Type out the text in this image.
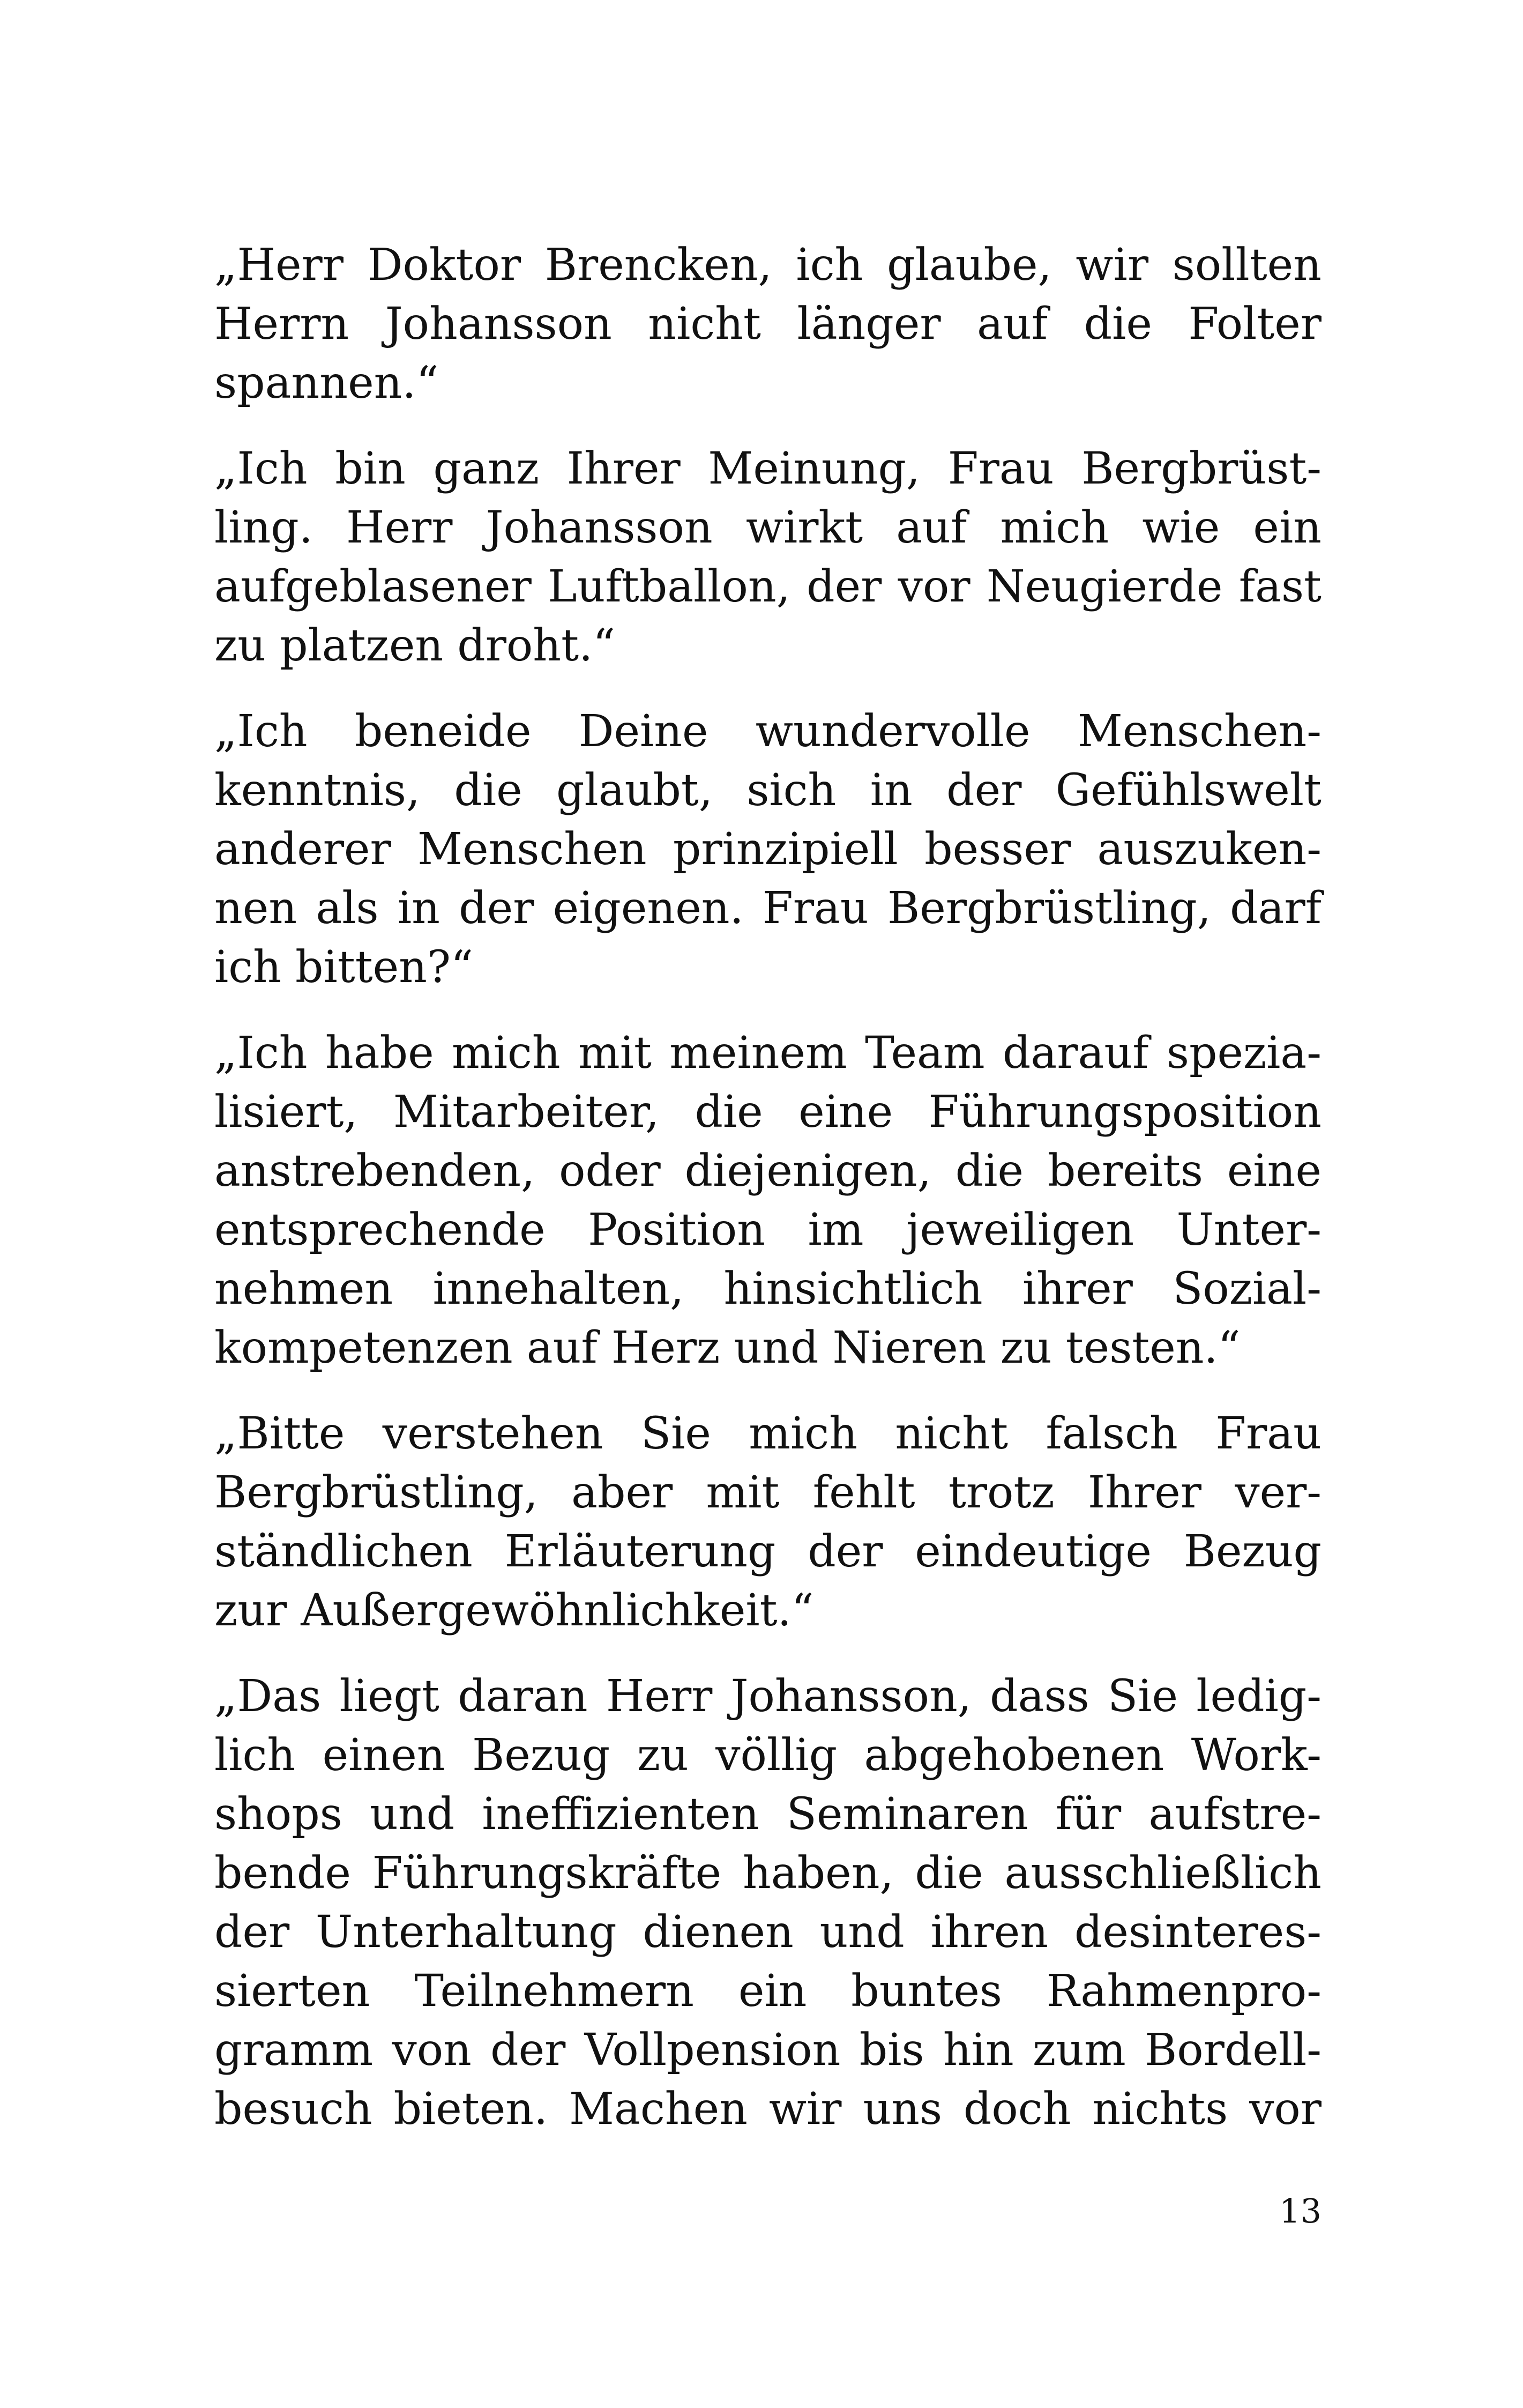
„Herr Doktor Brencken, ich glaube, wir sollten
Herrn Johansson nicht länger auf die Folter
spannen.“
„Ich bin ganz Ihrer Meinung, Frau Bergbrüst-
ling. Herr Johansson wirkt auf mich wie ein
aufgeblasener Luftballon, der vor Neugierde fast
zu platzen droht.“
„Ich beneide Deine wundervolle Menschen-
kenntnis, die glaubt, sich in der Gefühlswelt
anderer Menschen prinzipiell besser auszuken-
nen als in der eigenen. Frau Bergbrüstling, darf
ich bitten?“
„Ich habe mich mit meinem Team darauf spezia-
lisiert, Mitarbeiter, die eine Führungsposition
anstrebenden, oder diejenigen, die bereits eine
entsprechende Position im jeweiligen Unter-
nehmen innehalten, hinsichtlich ihrer Sozial-
kompetenzen auf Herz und Nieren zu testen.“
„Bitte verstehen Sie mich nicht falsch Frau
Bergbrüstling, aber mit fehlt trotz Ihrer ver-
ständlichen Erläuterung der eindeutige Bezug
zur Außergewöhnlichkeit.“
„Das liegt daran Herr Johansson, dass Sie ledig-
lich einen Bezug zu völlig abgehobenen Work-
shops und ineffizienten Seminaren für aufstre-
bende Führungskräfte haben, die ausschließlich
der Unterhaltung dienen und ihren desinteres-
sierten Teilnehmern ein buntes Rahmenpro-
gramm von der Vollpension bis hin zum Bordell-
besuch bieten. Machen wir uns doch nichts vor
13
